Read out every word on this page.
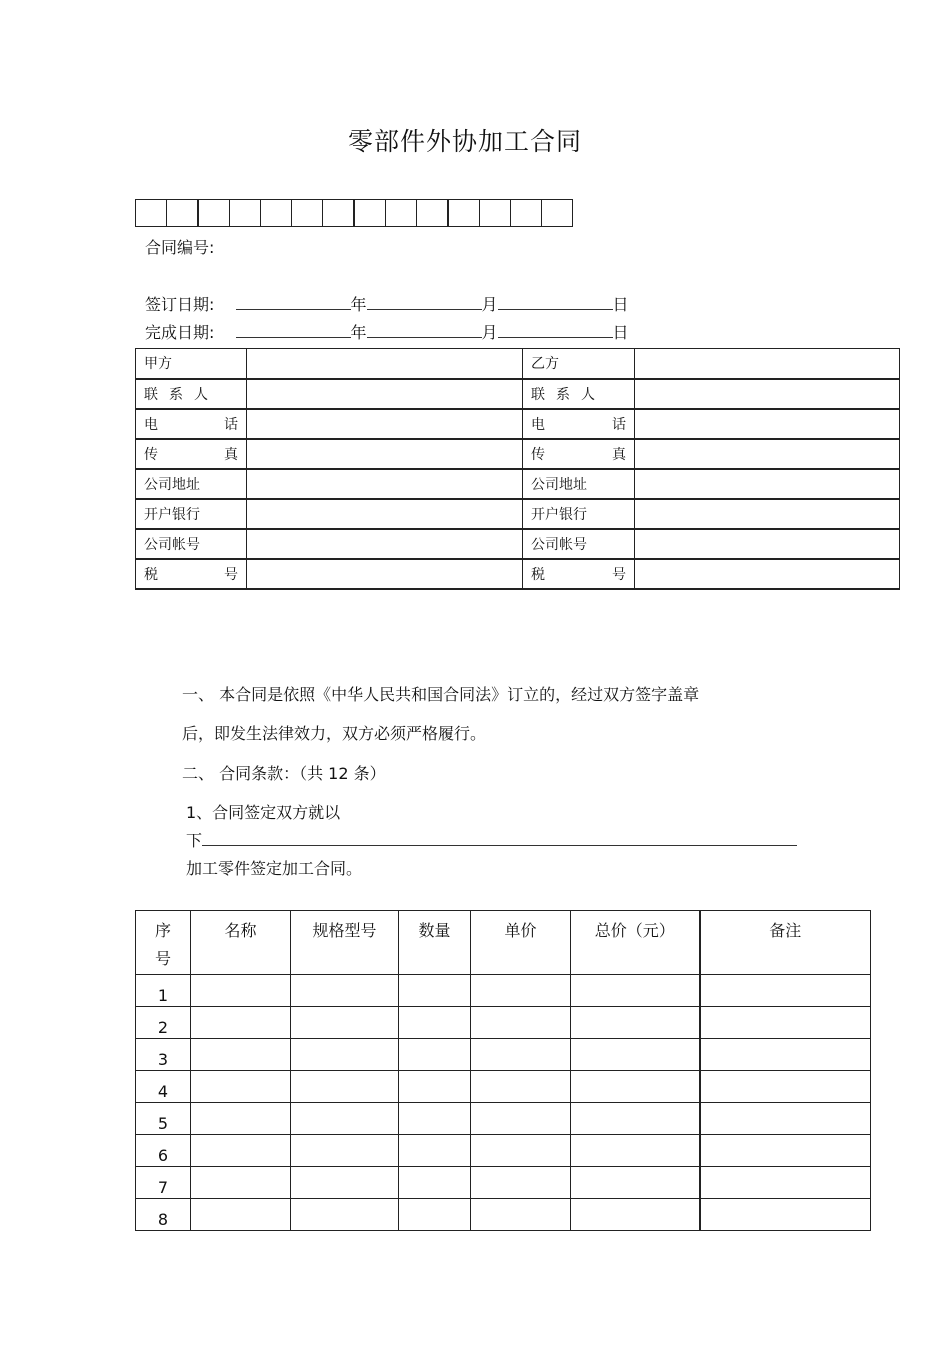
零部件外协加工合同
合同编号:
签订日期:	年	月	日
完成日期:	年	月	日
甲方		乙方	
联 系 人		联 系 人	
电 话		电 话	
传 真		传 真	
公司地址		公司地址	
开户银行		开户银行	
公司帐号		公司帐号	
税 号		税 号	
一、 本合同是依照《中华人民共和国合同法》订立的，经过双方签字盖章
后，即发生法律效力，双方必须严格履行。
二、 合同条款：（共 12 条）
1、合同签定双方就以
下
加工零件签定加工合同。
序号	名称	规格型号	数量	单价	总价（元）	备注
1						
2						
3						
4						
5						
6						
7						
8						
